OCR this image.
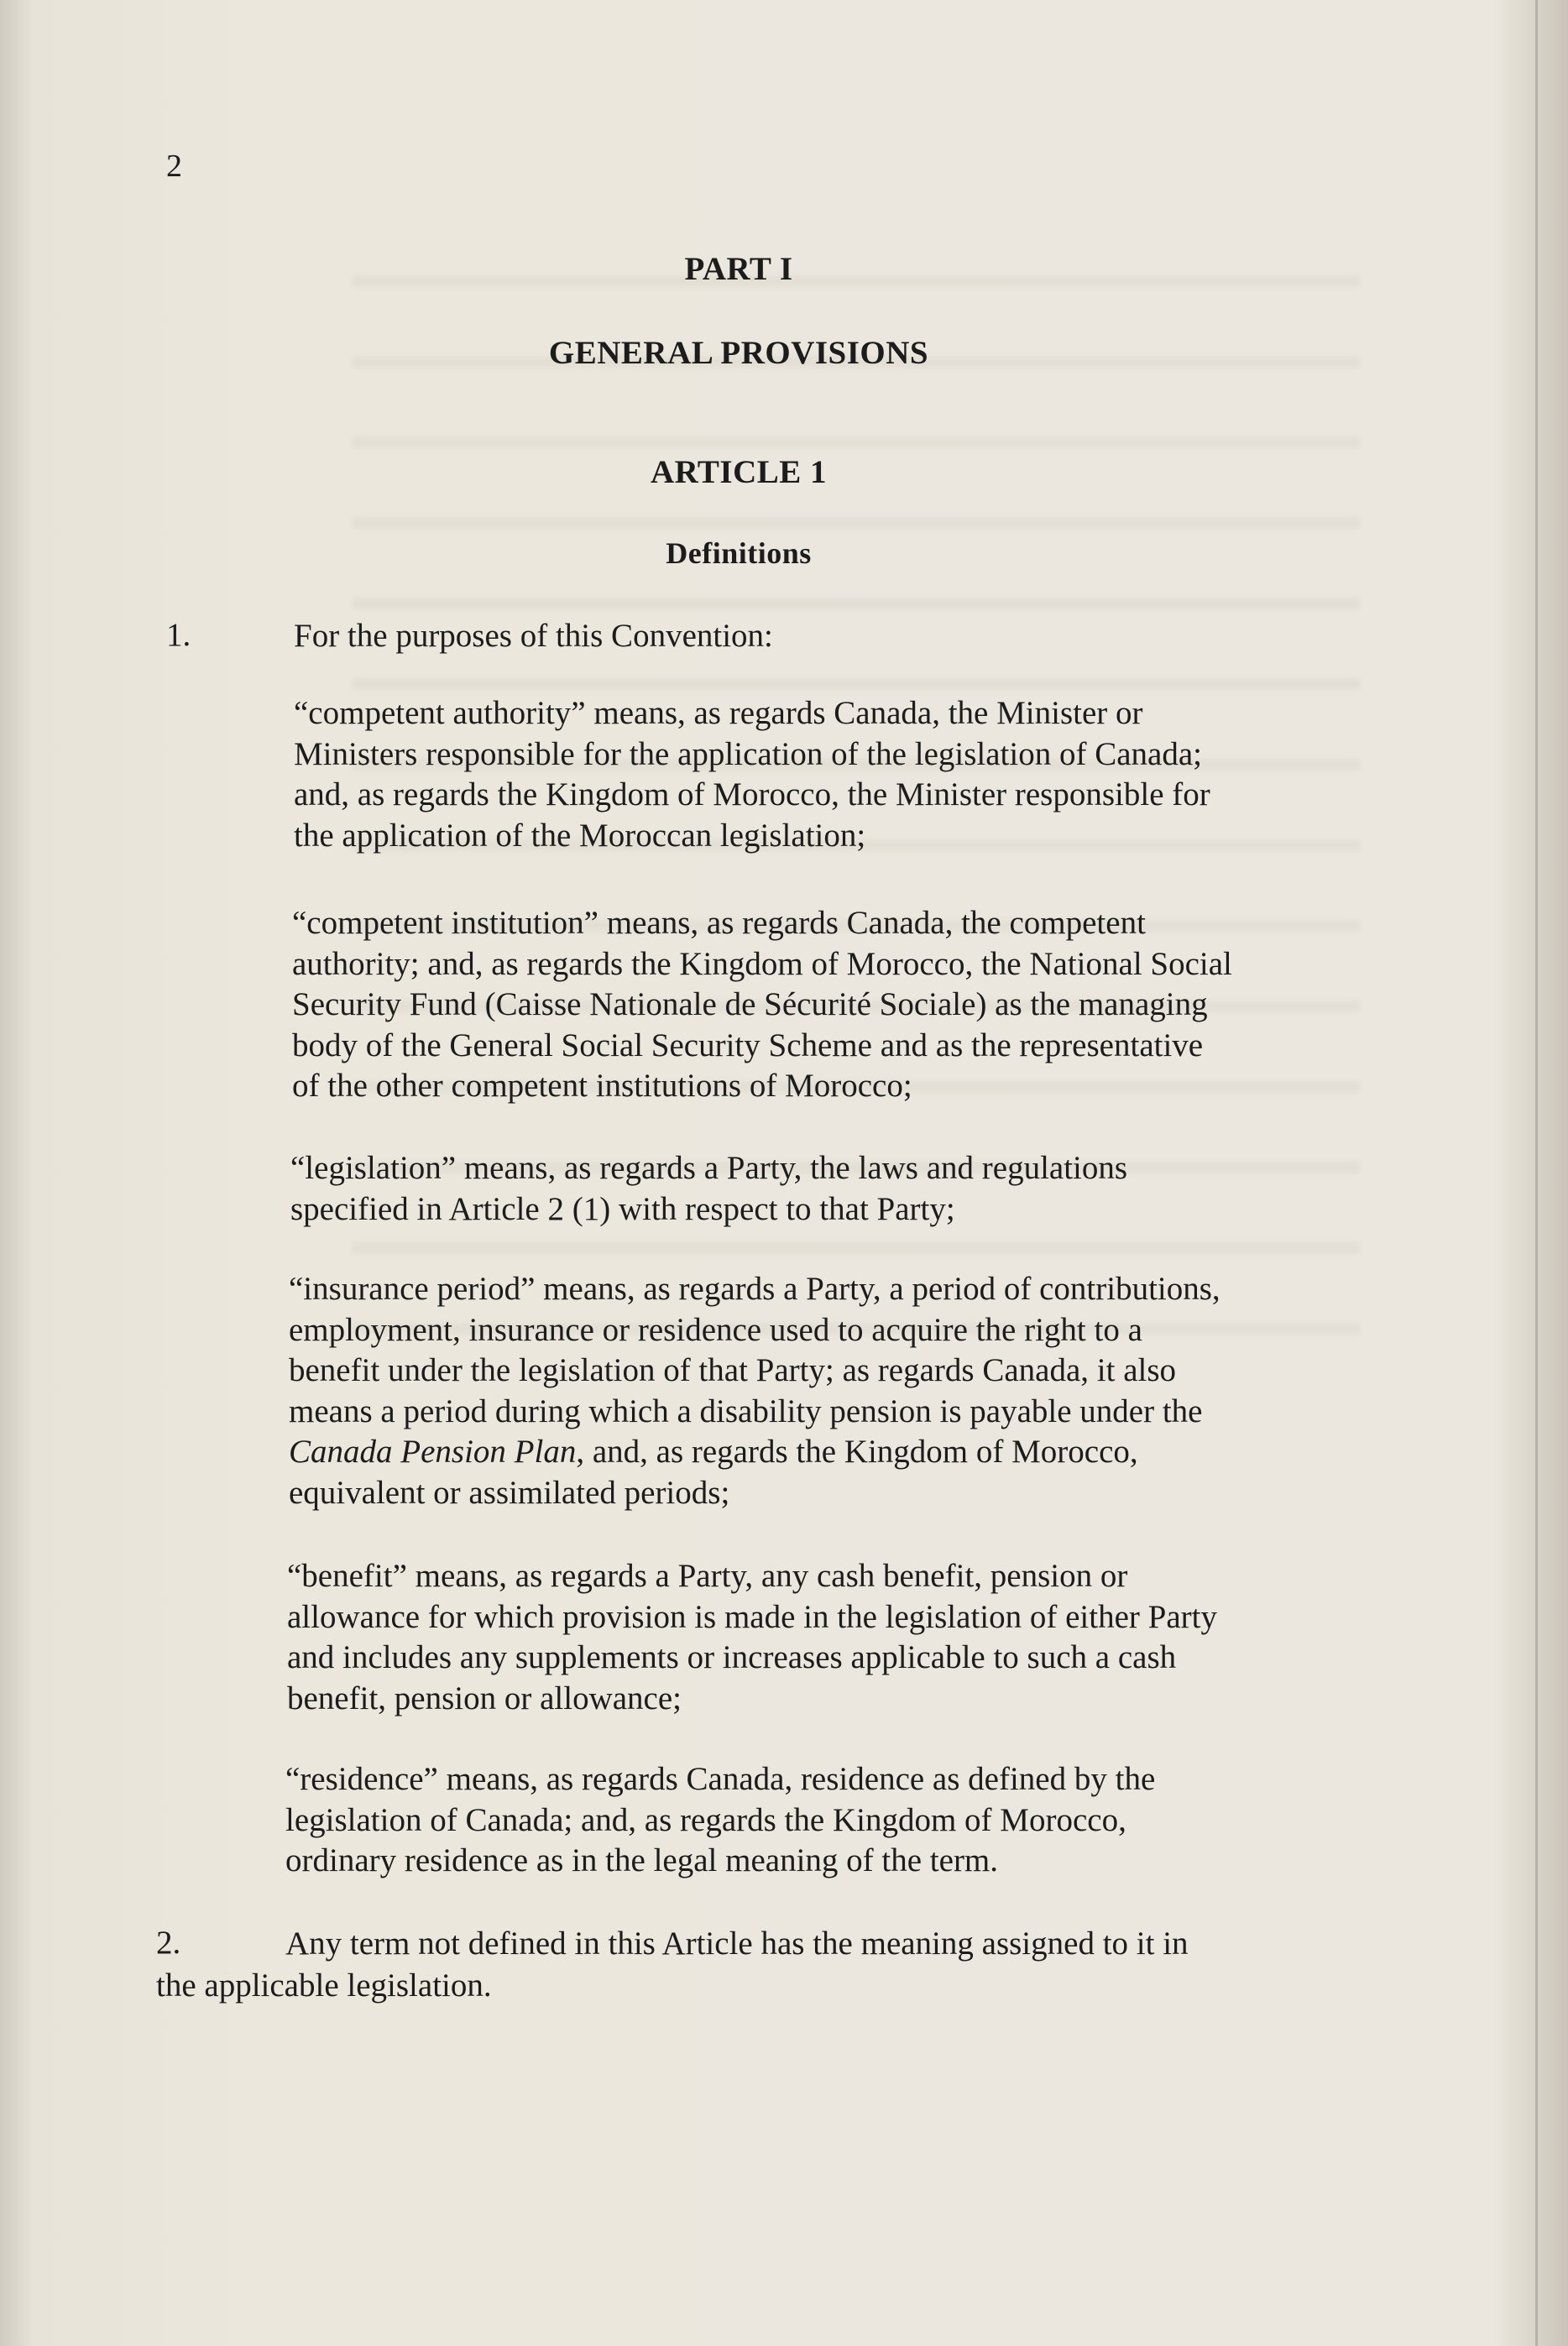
2
PART I
GENERAL PROVISIONS
ARTICLE 1
Definitions
1.	For the purposes of this Convention:
“competent authority” means, as regards Canada, the Minister or
Ministers responsible for the application of the legislation of Canada;
and, as regards the Kingdom of Morocco, the Minister responsible for
the application of the Moroccan legislation;
“competent institution” means, as regards Canada, the competent
authority; and, as regards the Kingdom of Morocco, the National Social
Security Fund (Caisse Nationale de Sécurité Sociale) as the managing
body of the General Social Security Scheme and as the representative
of the other competent institutions of Morocco;
“legislation” means, as regards a Party, the laws and regulations
specified in Article 2 (1) with respect to that Party;
“insurance period” means, as regards a Party, a period of contributions,
employment, insurance or residence used to acquire the right to a
benefit under the legislation of that Party; as regards Canada, it also
means a period during which a disability pension is payable under the
Canada Pension Plan, and, as regards the Kingdom of Morocco,
equivalent or assimilated periods;
“benefit” means, as regards a Party, any cash benefit, pension or
allowance for which provision is made in the legislation of either Party
and includes any supplements or increases applicable to such a cash
benefit, pension or allowance;
“residence” means, as regards Canada, residence as defined by the
legislation of Canada; and, as regards the Kingdom of Morocco,
ordinary residence as in the legal meaning of the term.
2.	Any term not defined in this Article has the meaning assigned to it in
the applicable legislation.
